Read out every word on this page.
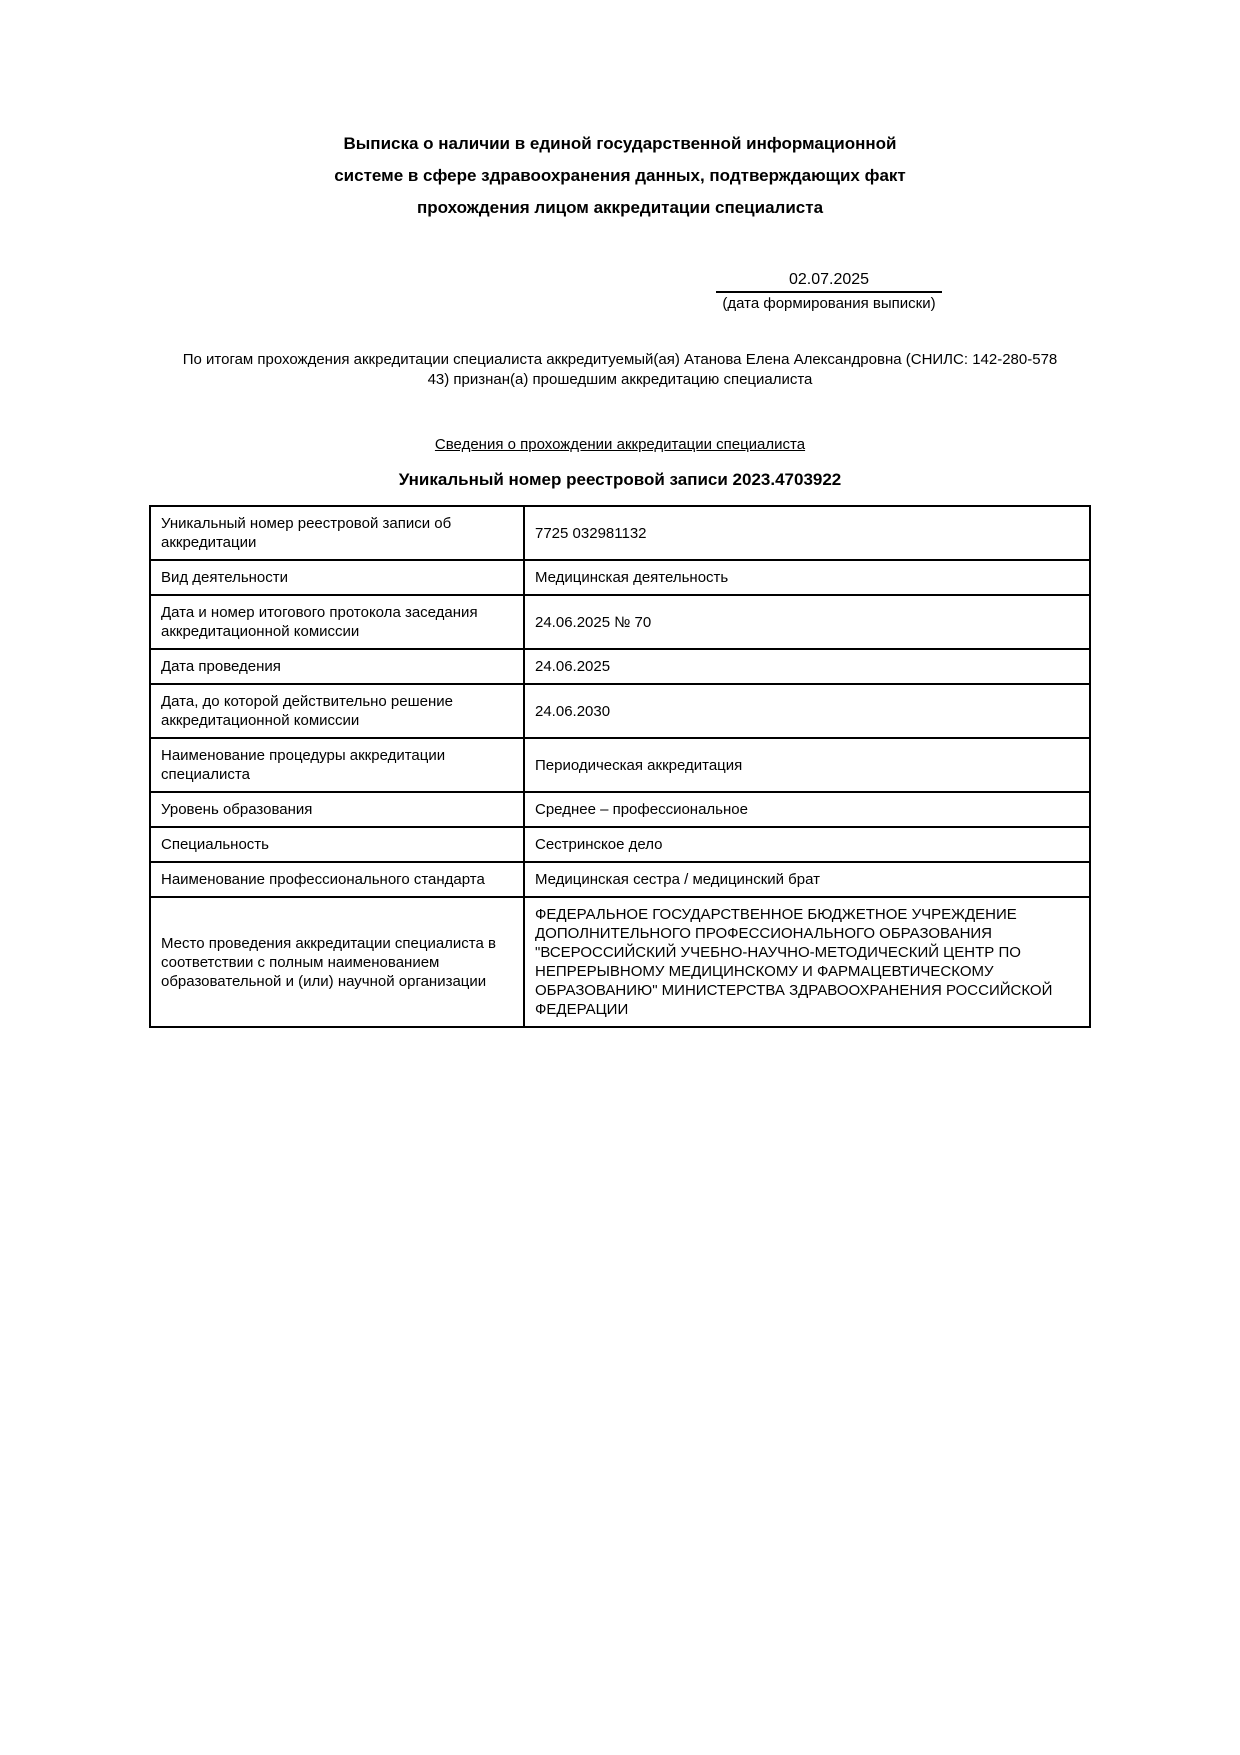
Выписка о наличии в единой государственной информационной
системе в сфере здравоохранения данных, подтверждающих факт
прохождения лицом аккредитации специалиста
02.07.2025
(дата формирования выписки)

По итогам прохождения аккредитации специалиста аккредитуемый(ая) Атанова Елена Александровна (СНИЛС: 142-280-578
43) признан(а) прошедшим аккредитацию специалиста

Сведения о прохождении аккредитации специалиста
Уникальный номер реестровой записи 2023.4703922
Уникальный номер реестровой записи об аккредитации	7725 032981132
Вид деятельности	Медицинская деятельность
Дата и номер итогового протокола заседания аккредитационной комиссии	24.06.2025 № 70
Дата проведения	24.06.2025
Дата, до которой действительно решение аккредитационной комиссии	24.06.2030
Наименование процедуры аккредитации специалиста	Периодическая аккредитация
Уровень образования	Среднее – профессиональное
Специальность	Сестринское дело
Наименование профессионального стандарта	Медицинская сестра / медицинский брат
Место проведения аккредитации специалиста в соответствии с полным наименованием образовательной и (или) научной организации	ФЕДЕРАЛЬНОЕ ГОСУДАРСТВЕННОЕ БЮДЖЕТНОЕ УЧРЕЖДЕНИЕ ДОПОЛНИТЕЛЬНОГО ПРОФЕССИОНАЛЬНОГО ОБРАЗОВАНИЯ "ВСЕРОССИЙСКИЙ УЧЕБНО-НАУЧНО-МЕТОДИЧЕСКИЙ ЦЕНТР ПО НЕПРЕРЫВНОМУ МЕДИЦИНСКОМУ И ФАРМАЦЕВТИЧЕСКОМУ ОБРАЗОВАНИЮ" МИНИСТЕРСТВА ЗДРАВООХРАНЕНИЯ РОССИЙСКОЙ ФЕДЕРАЦИИ
